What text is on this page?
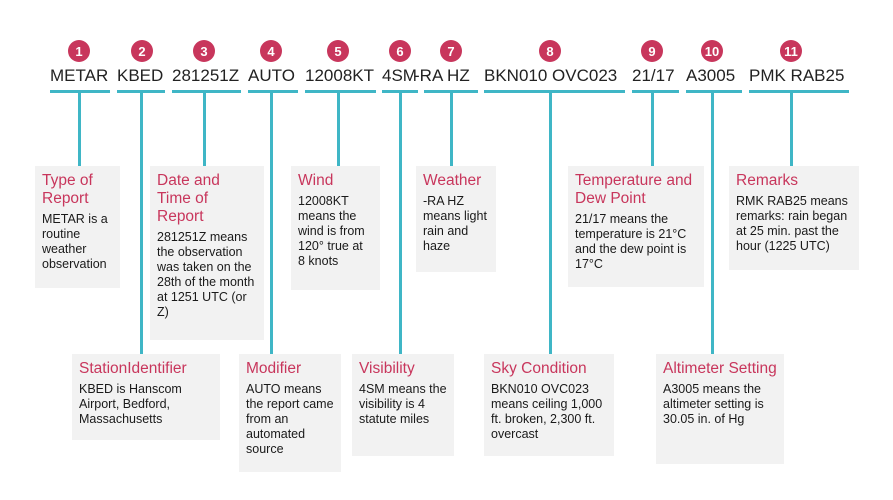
1	2	3	4	5	6	7	8	9	10	11
METAR KBED 281251Z AUTO 12008KT 4SM
-RA HZ BKN010 OVC023 21/17 A3005 PMK RAB25
Type of Report

METAR is a routine weather observation

Date and Time of Report

281251Z means the observation was taken on the 28th of the month at 1251 UTC (or Z)

Wind

12008KT means the wind is from 120° true at 8 knots

Weather

-RA HZ means light rain and haze

Temperature and Dew Point

21/17 means the temperature is 21°C and the dew point is 17°C

Remarks

RMK RAB25 means remarks: rain began at 25 min. past the hour (1225 UTC)

StationIdentifier

KBED is Hanscom Airport, Bedford, Massachusetts

Modifier

AUTO means the report came from an automated source

Visibility

4SM means the visibility is 4 statute miles

Sky Condition

BKN010 OVC023 means ceiling 1,000 ft. broken, 2,300 ft. overcast

Altimeter Setting

A3005 means the altimeter setting is 30.05 in. of Hg
